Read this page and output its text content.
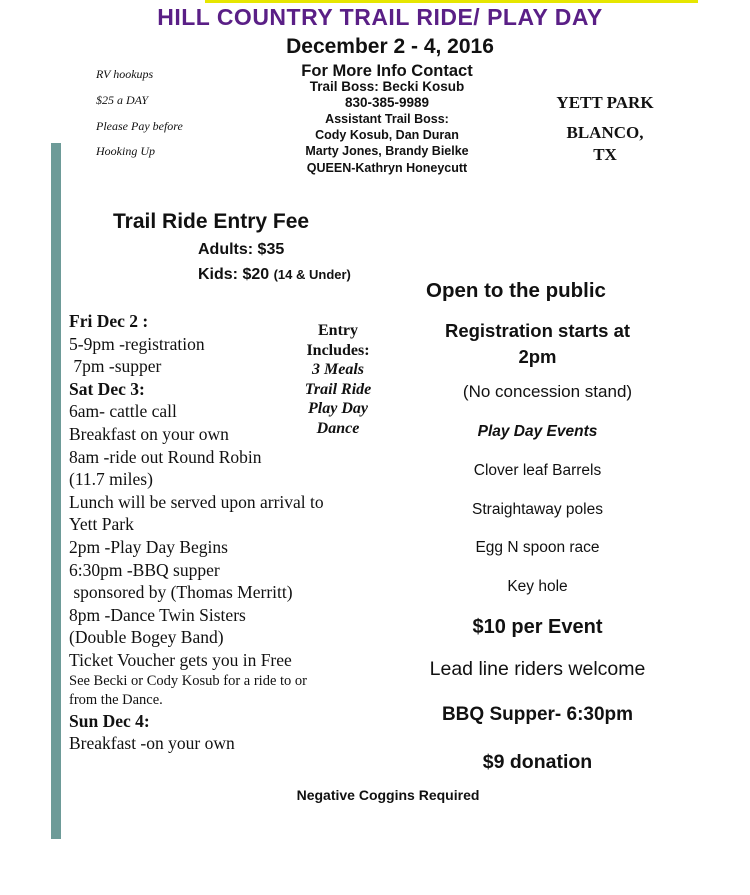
HILL COUNTRY TRAIL RIDE/ PLAY DAY
December 2 - 4, 2016
RV hookups
$25 a DAY
Please Pay before
Hooking Up
For More Info Contact
Trail Boss: Becki Kosub
830-385-9989
Assistant Trail Boss:
Cody Kosub, Dan Duran
Marty Jones, Brandy Bielke
QUEEN-Kathryn Honeycutt
YETT PARK
BLANCO,
TX
Trail Ride Entry Fee
Adults: $35
Kids: $20 (14 & Under)
Fri Dec 2 :
5-9pm -registration
7pm -supper
Sat Dec 3:
6am- cattle call
Breakfast on your own
8am -ride out Round Robin
(11.7 miles)
Lunch will be served upon arrival to
Yett Park
2pm -Play Day Begins
6:30pm -BBQ supper
sponsored by (Thomas Merritt)
8pm -Dance Twin Sisters
(Double Bogey Band)
Ticket Voucher gets you in Free
See Becki or Cody Kosub for a ride to or
from the Dance.
Sun Dec 4:
Breakfast -on your own
Entry
Includes:
3 Meals
Trail Ride
Play Day
Dance
Open to the public
Registration starts at
2pm
(No concession stand)
Play Day Events
Clover leaf Barrels
Straightaway poles
Egg N spoon race
Key hole
$10 per Event
Lead line riders welcome
BBQ Supper- 6:30pm
$9 donation
Negative Coggins Required
